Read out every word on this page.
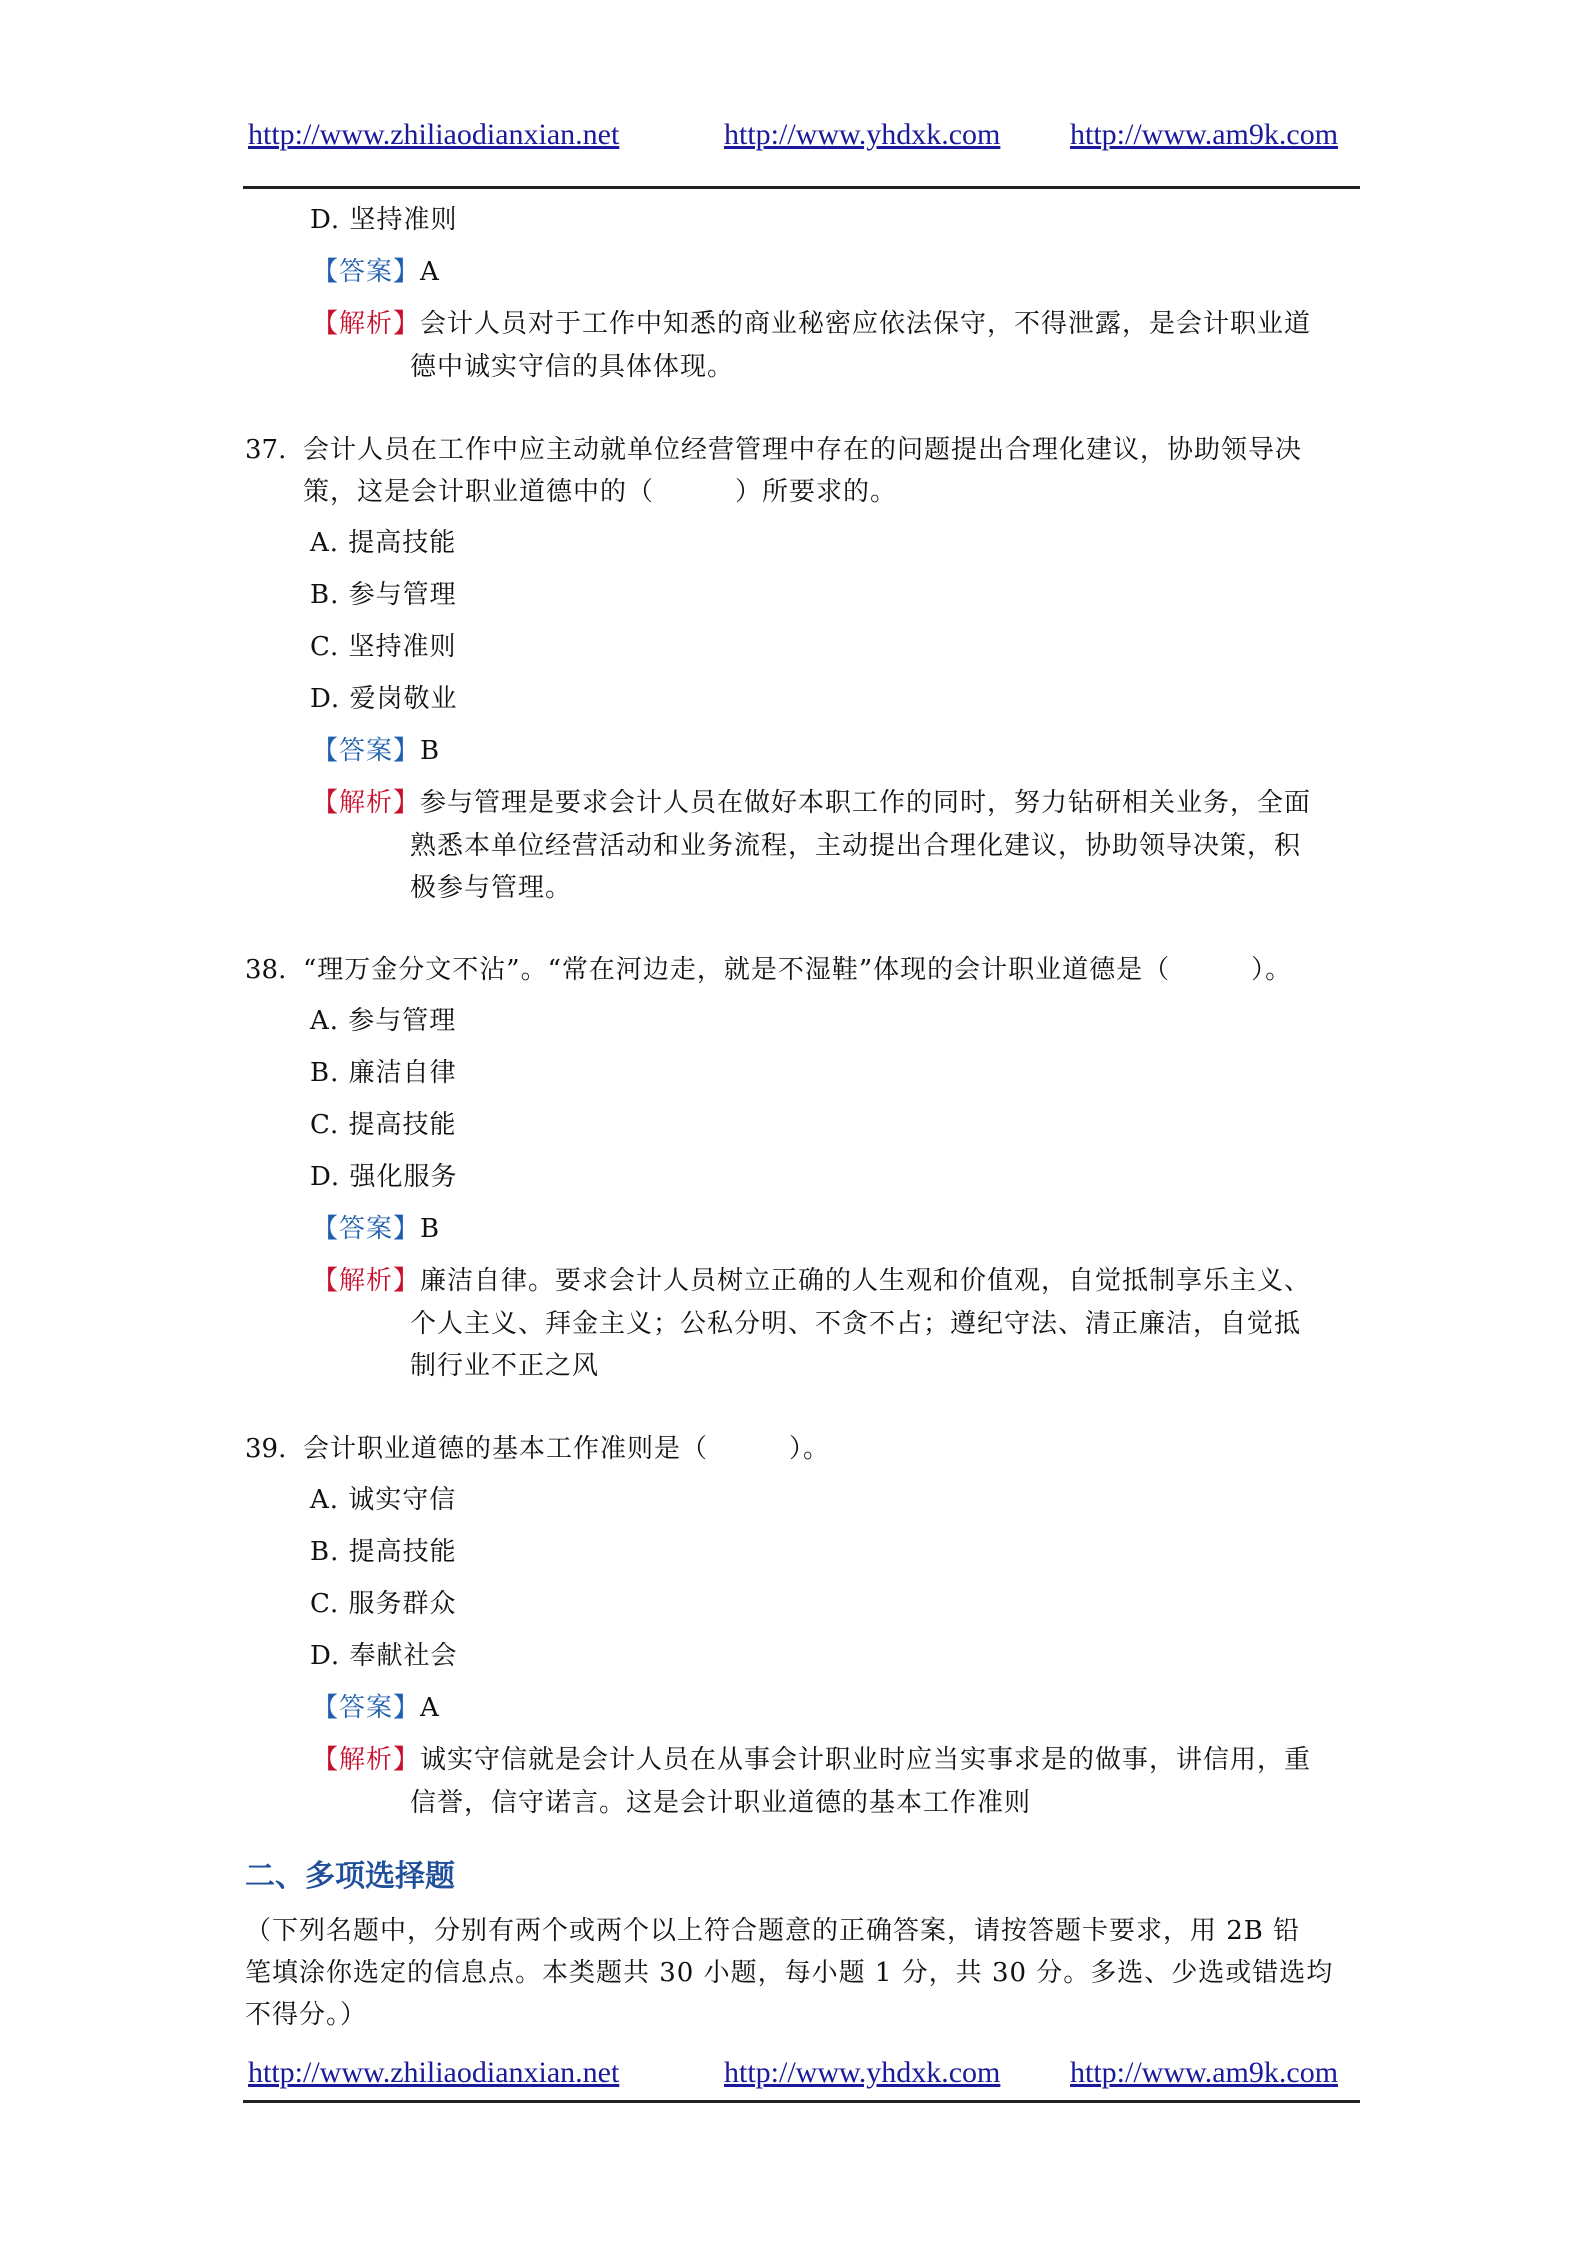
http://www.zhiliaodianxian.net	http://www.yhdxk.com http://www.am9k.com
D. 坚持准则
【答案】A
【解析】会计人员对于工作中知悉的商业秘密应依法保守，不得泄露，是会计职业道
德中诚实守信的具体体现。
37. 会计人员在工作中应主动就单位经营管理中存在的问题提出合理化建议，协助领导决
策，这是会计职业道德中的（　　　）所要求的。
A. 提高技能
B. 参与管理
C. 坚持准则
D. 爱岗敬业
【答案】B
【解析】参与管理是要求会计人员在做好本职工作的同时，努力钻研相关业务，全面
熟悉本单位经营活动和业务流程，主动提出合理化建议，协助领导决策，积
极参与管理。
38. “理万金分文不沾”。“常在河边走，就是不湿鞋”体现的会计职业道德是（　　　）。
A. 参与管理
B. 廉洁自律
C. 提高技能
D. 强化服务
【答案】B
【解析】廉洁自律。要求会计人员树立正确的人生观和价值观，自觉抵制享乐主义、
个人主义、拜金主义；公私分明、不贪不占；遵纪守法、清正廉洁，自觉抵
制行业不正之风
39. 会计职业道德的基本工作准则是（　　　）。
A. 诚实守信
B. 提高技能
C. 服务群众
D. 奉献社会
【答案】A
【解析】诚实守信就是会计人员在从事会计职业时应当实事求是的做事，讲信用，重
信誉，信守诺言。这是会计职业道德的基本工作准则
二、多项选择题
（下列名题中，分别有两个或两个以上符合题意的正确答案，请按答题卡要求，用 2B 铅
笔填涂你选定的信息点。本类题共 30 小题，每小题 1 分，共 30 分。多选、少选或错选均
不得分。）
http://www.zhiliaodianxian.net	http://www.yhdxk.com http://www.am9k.com
